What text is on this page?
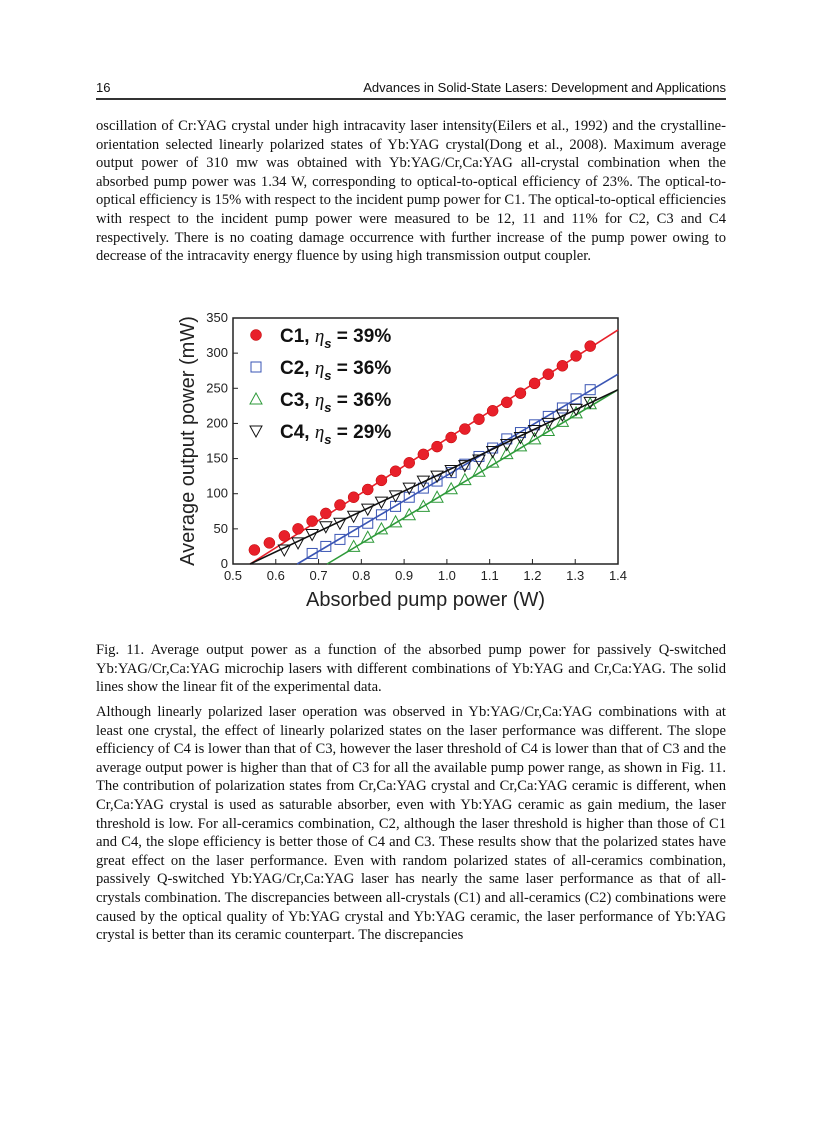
16	Advances in Solid-State Lasers: Development and Applications

oscillation of Cr:YAG crystal under high intracavity laser intensity(Eilers et al., 1992) and the crystalline-orientation selected linearly polarized states of Yb:YAG crystal(Dong et al., 2008). Maximum average output power of 310 mw was obtained with Yb:YAG/Cr,Ca:YAG all-crystal combination when the absorbed pump power was 1.34 W, corresponding to optical-to-optical efficiency of 23%. The optical-to-optical efficiency is 15% with respect to the incident pump power for C1. The optical-to-optical efficiencies with respect to the incident pump power were measured to be 12, 11 and 11% for C2, C3 and C4 respectively. There is no coating damage occurrence with further increase of the pump power owing to decrease of the intracavity energy fluence by using high transmission output coupler.

0.5 0.6 0.7 0.8 0.9 1.0 1.1 1.2 1.3 1.4
0
50
100
150
200
250
300
350
Absorbed pump power (W)
Average output power (mW)	C1, $\eta_s = 39\%$
C2, $\eta_s = 36\%$
C3, $\eta_s = 36\%$
C4, $\eta_s = 29\%$

Fig. 11. Average output power as a function of the absorbed pump power for passively Q-switched Yb:YAG/Cr,Ca:YAG microchip lasers with different combinations of Yb:YAG and Cr,Ca:YAG. The solid lines show the linear fit of the experimental data.

Although linearly polarized laser operation was observed in Yb:YAG/Cr,Ca:YAG combinations with at least one crystal, the effect of linearly polarized states on the laser performance was different. The slope efficiency of C4 is lower than that of C3, however the laser threshold of C4 is lower than that of C3 and the average output power is higher than that of C3 for all the available pump power range, as shown in Fig. 11. The contribution of polarization states from Cr,Ca:YAG crystal and Cr,Ca:YAG ceramic is different, when Cr,Ca:YAG crystal is used as saturable absorber, even with Yb:YAG ceramic as gain medium, the laser threshold is low. For all-ceramics combination, C2, although the laser threshold is higher than those of C1 and C4, the slope efficiency is better those of C4 and C3. These results show that the polarized states have great effect on the laser performance. Even with random polarized states of all-ceramics combination, passively Q-switched Yb:YAG/Cr,Ca:YAG laser has nearly the same laser performance as that of all-crystals combination. The discrepancies between all-crystals (C1) and all-ceramics (C2) combinations were caused by the optical quality of Yb:YAG crystal and Yb:YAG ceramic, the laser performance of Yb:YAG crystal is better than its ceramic counterpart. The discrepancies
